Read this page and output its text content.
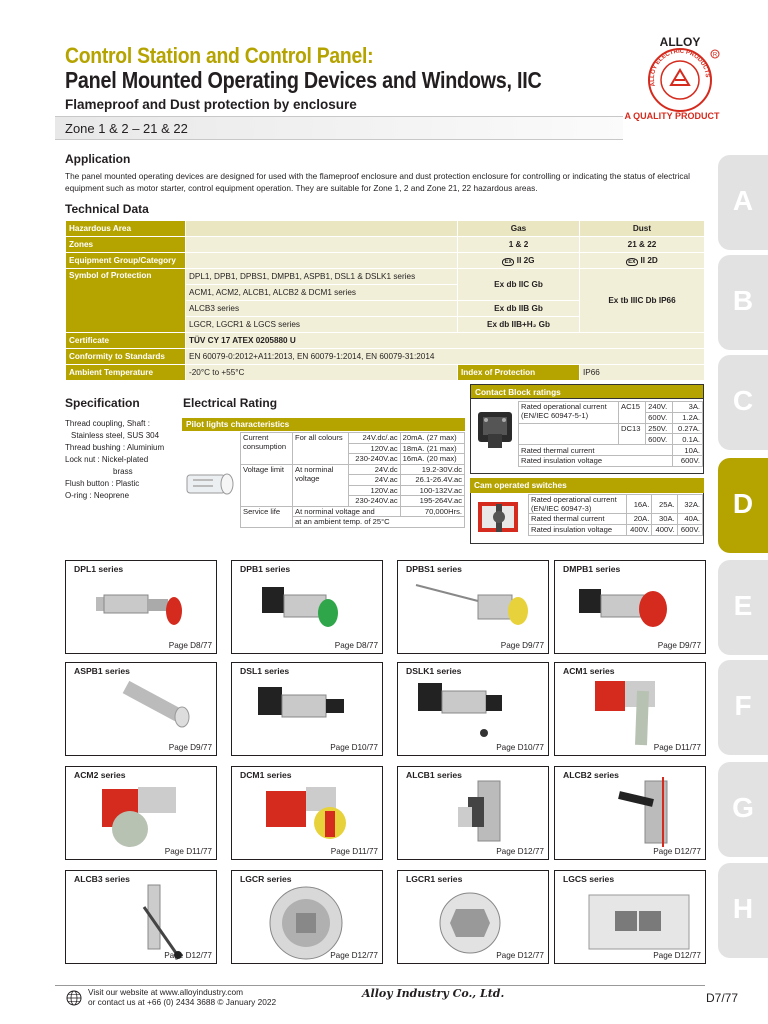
Control Station and Control Panel:
Panel Mounted Operating Devices and Windows, IIC
Flameproof and Dust protection by enclosure
Zone 1 & 2 – 21 & 22
ALLOY
ALLOY ELECTRIC PRODUCTS
R
A QUALITY PRODUCT
A
B
C
D
E
F
G
H
Application
The panel mounted operating devices are designed for used with the flameproof enclosure and dust protection enclosure for controlling or indicating the status of electrical equipment such as motor starter, control equipment operation. They are suitable for Zone 1, 2 and Zone 21, 22 hazardous areas.
Technical Data
Hazardous Area		Gas	Dust
Zones		1 & 2	21 & 22
Equipment Group/Category		Ex II 2G	Ex II 2D
Symbol of Protection	DPL1, DPB1, DPBS1, DMPB1, ASPB1, DSL1 & DSLK1 series	Ex db IIC Gb	Ex tb IIIC Db IP66
	ACM1, ACM2, ALCB1, ALCB2 & DCM1 series		
	ALCB3 series	Ex db IIB Gb	
	LGCR, LGCR1 & LGCS series	Ex db IIB+H₂ Gb	
Certificate	TÜV CY 17 ATEX 0205880 U		
Conformity to Standards	EN 60079-0:2012+A11:2013, EN 60079-1:2014, EN 60079-31:2014		
Ambient Temperature	-20°C to +55°C	Index of Protection	IP66
Specification
Thread coupling, Shaft :
Stainless steel, SUS 304
Thread bushing : Aluminium
Lock nut : Nickel-plated
brass
Flush button : Plastic
O-ring : Neoprene
Electrical Rating
Pilot lights characteristics
Current
consumption	For all colours	24V.dc/.ac	20mA. (27 max)
		120V.ac	18mA. (21 max)
		230-240V.ac	16mA. (20 max)
Voltage limit	At norminal
voltage	24V.dc	19.2-30V.dc
		24V.ac	26.1-26.4V.ac
		120V.ac	100-132V.ac
		230-240V.ac	195-264V.ac
Service life	At norminal voltage and		70,000Hrs.
	at an ambient temp. of 25°C		
Contact Block ratings
Rated operational current
(EN/IEC 60947-5-1)	AC15	240V.	3A.
		600V.	1.2A.
	DC13	250V.	0.27A.
		600V.	0.1A.
Rated thermal current			10A.
Rated insulation voltage			600V.
Cam operated switches
Rated operational current
(EN/IEC 60947-3)	16A.	25A.	32A.
Rated thermal current	20A.	30A.	40A.
Rated insulation voltage	400V.	400V.	600V.
DPL1 series
Page D8/77
DPB1 series
Page D8/77
DPBS1 series
Page D9/77
DMPB1 series
Page D9/77
ASPB1 series
Page D9/77
DSL1 series
Page D10/77
DSLK1 series
Page D10/77
ACM1 series
Page D11/77
ACM2 series
Page D11/77
DCM1 series
Page D11/77
ALCB1 series
Page D12/77
ALCB2 series
Page D12/77
ALCB3 series
Page D12/77
LGCR series
Page D12/77
LGCR1 series
Page D12/77
LGCS series
Page D12/77
Visit our website at www.alloyindustry.com
or contact us at +66 (0) 2434 3688 © January 2022
Alloy Industry Co., Ltd.	D7/77
